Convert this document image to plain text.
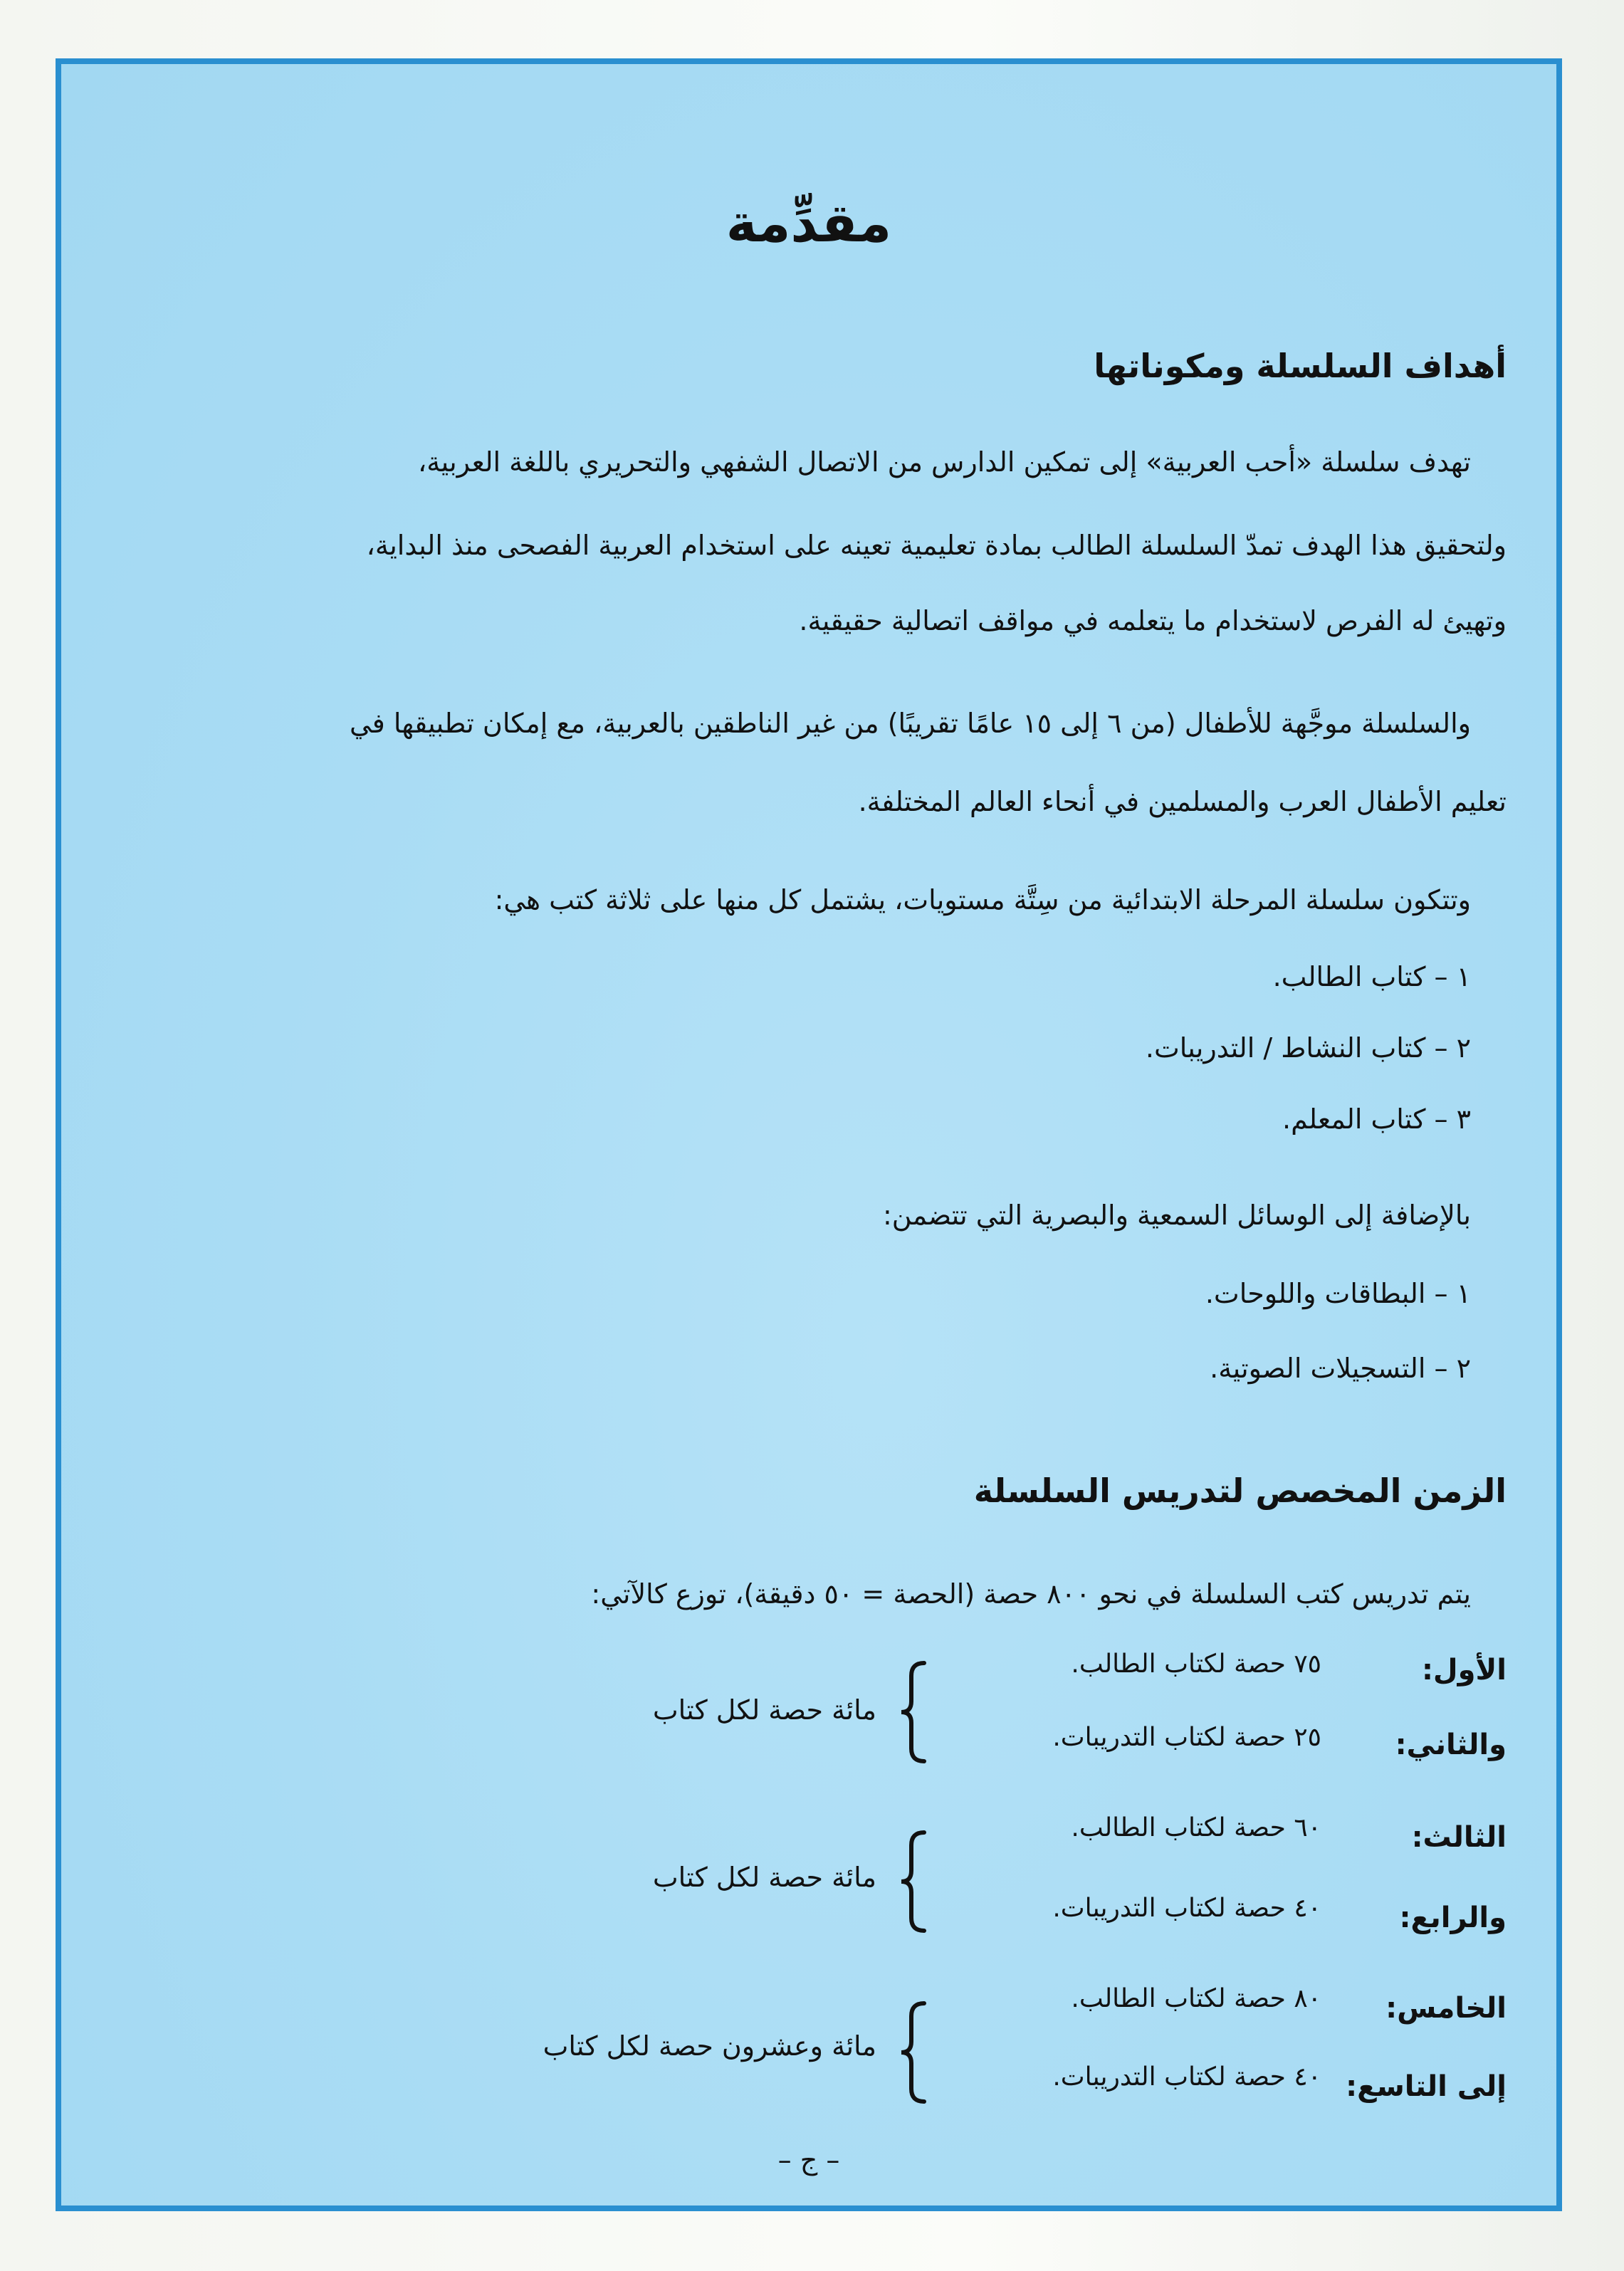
مقدِّمة
أهداف السلسلة ومكوناتها
تهدف سلسلة «أحب العربية» إلى تمكين الدارس من الاتصال الشفهي والتحريري باللغة العربية،
ولتحقيق هذا الهدف تمدّ السلسلة الطالب بمادة تعليمية تعينه على استخدام العربية الفصحى منذ البداية،
وتهيئ له الفرص لاستخدام ما يتعلمه في مواقف اتصالية حقيقية.
والسلسلة موجَّهة للأطفال (من ٦ إلى ١٥ عامًا تقريبًا) من غير الناطقين بالعربية، مع إمكان تطبيقها في
تعليم الأطفال العرب والمسلمين في أنحاء العالم المختلفة.
وتتكون سلسلة المرحلة الابتدائية من سِتَّة مستويات، يشتمل كل منها على ثلاثة كتب هي:
١ – كتاب الطالب.
٢ – كتاب النشاط / التدريبات.
٣ – كتاب المعلم.
بالإضافة إلى الوسائل السمعية والبصرية التي تتضمن:
١ – البطاقات واللوحات.
٢ – التسجيلات الصوتية.
الزمن المخصص لتدريس السلسلة
يتم تدريس كتب السلسلة في نحو ٨٠٠ حصة (الحصة = ٥٠ دقيقة)، توزع كالآتي:
الأول:
٧٥ حصة لكتاب الطالب.
والثاني:
٢٥ حصة لكتاب التدريبات.
مائة حصة لكل كتاب
الثالث:
٦٠ حصة لكتاب الطالب.
والرابع:
٤٠ حصة لكتاب التدريبات.
مائة حصة لكل كتاب
الخامس:
٨٠ حصة لكتاب الطالب.
إلى التاسع:
٤٠ حصة لكتاب التدريبات.
مائة وعشرون حصة لكل كتاب
– ج –
